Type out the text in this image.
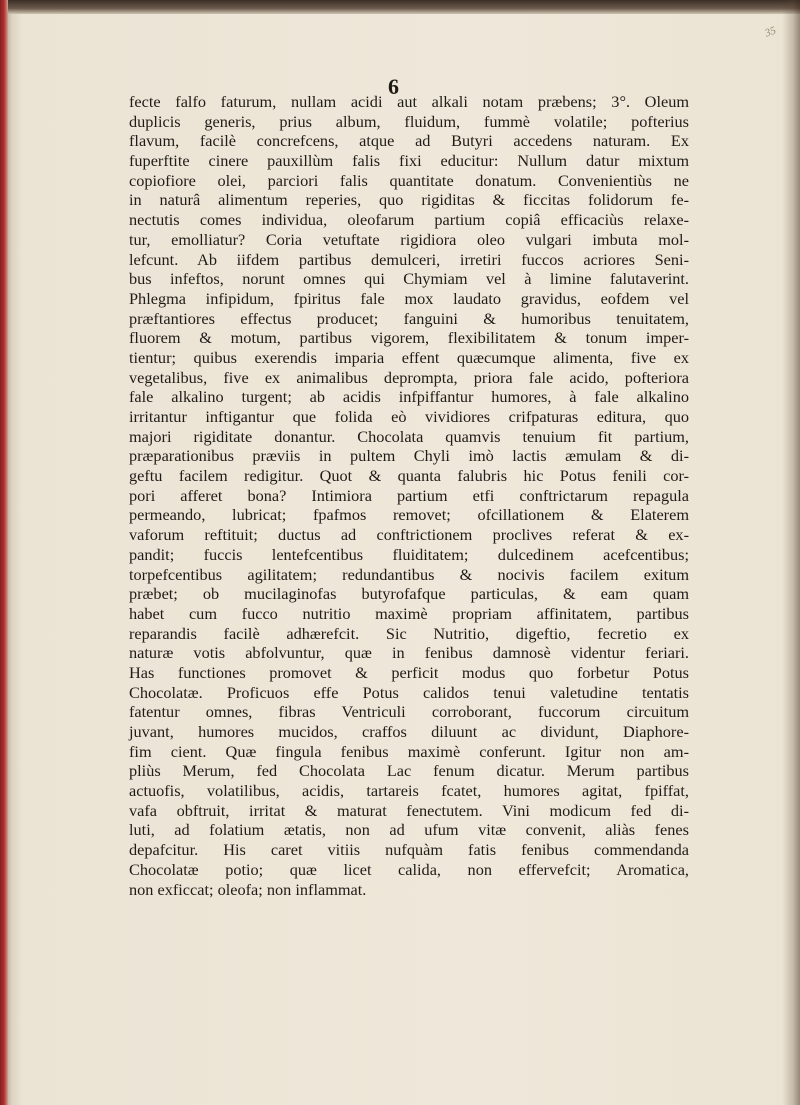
35
6
fecte falfo faturum, nullam acidi aut alkali notam præbens; 3°. Oleum
duplicis generis, prius album, fluidum, fummè volatile; pofterius
flavum, facilè concrefcens, atque ad Butyri accedens naturam. Ex
fuperftite cinere pauxillùm falis fixi educitur: Nullum datur mixtum
copiofiore olei, parciori falis quantitate donatum. Convenientiùs ne
in naturâ alimentum reperies, quo rigiditas & ficcitas folidorum fe-
nectutis comes individua, oleofarum partium copiâ efficaciùs relaxe-
tur, emolliatur? Coria vetuftate rigidiora oleo vulgari imbuta mol-
lefcunt. Ab iifdem partibus demulceri, irretiri fuccos acriores Seni-
bus infeftos, norunt omnes qui Chymiam vel à limine falutaverint.
Phlegma infipidum, fpiritus fale mox laudato gravidus, eofdem vel
præftantiores effectus producet; fanguini & humoribus tenuitatem,
fluorem & motum, partibus vigorem, flexibilitatem & tonum imper-
tientur; quibus exerendis imparia effent quæcumque alimenta, five ex
vegetalibus, five ex animalibus deprompta, priora fale acido, pofteriora
fale alkalino turgent; ab acidis infpiffantur humores, à fale alkalino
irritantur inftigantur que folida eò vividiores crifpaturas editura, quo
majori rigiditate donantur. Chocolata quamvis tenuium fit partium,
præparationibus præviis in pultem Chyli imò lactis æmulam & di-
geftu facilem redigitur. Quot & quanta falubris hic Potus fenili cor-
pori afferet bona? Intimiora partium etfi conftrictarum repagula
permeando, lubricat; fpafmos removet; ofcillationem & Elaterem
vaforum reftituit; ductus ad conftrictionem proclives referat & ex-
pandit; fuccis lentefcentibus fluiditatem; dulcedinem acefcentibus;
torpefcentibus agilitatem; redundantibus & nocivis facilem exitum
præbet; ob mucilaginofas butyrofafque particulas, & eam quam
habet cum fucco nutritio maximè propriam affinitatem, partibus
reparandis facilè adhærefcit. Sic Nutritio, digeftio, fecretio ex
naturæ votis abfolvuntur, quæ in fenibus damnosè videntur feriari.
Has functiones promovet & perficit modus quo forbetur Potus
Chocolatæ. Proficuos effe Potus calidos tenui valetudine tentatis
fatentur omnes, fibras Ventriculi corroborant, fuccorum circuitum
juvant, humores mucidos, craffos diluunt ac dividunt, Diaphore-
fim cient. Quæ fingula fenibus maximè conferunt. Igitur non am-
pliùs Merum, fed Chocolata Lac fenum dicatur. Merum partibus
actuofis, volatilibus, acidis, tartareis fcatet, humores agitat, fpiffat,
vafa obftruit, irritat & maturat fenectutem. Vini modicum fed di-
luti, ad folatium ætatis, non ad ufum vitæ convenit, aliàs fenes
depafcitur. His caret vitiis nufquàm fatis fenibus commendanda
Chocolatæ potio; quæ licet calida, non effervefcit; Aromatica,
non exficcat; oleofa; non inflammat.
